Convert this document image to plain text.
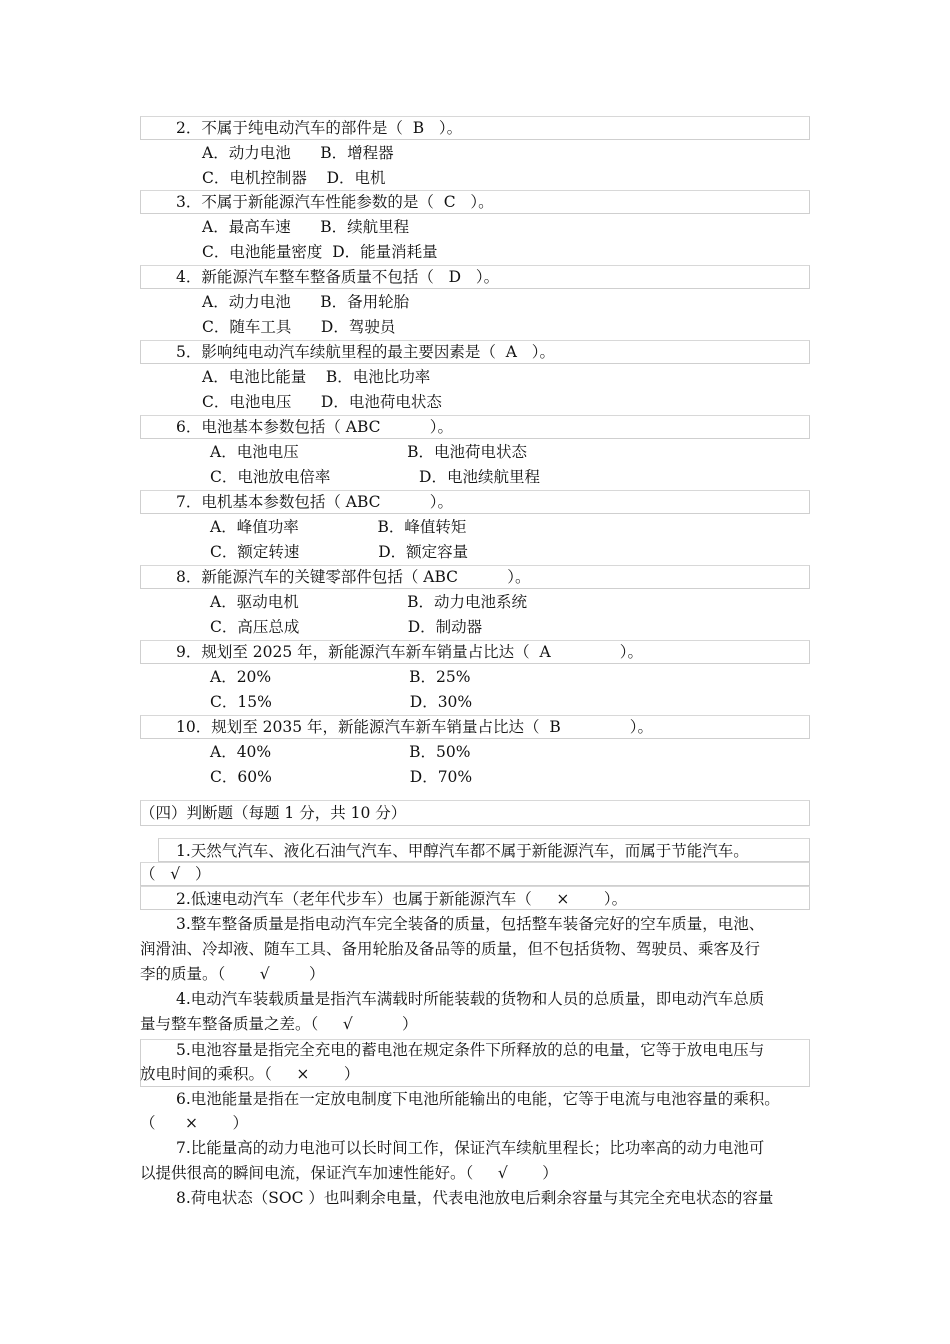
2．不属于纯电动汽车的部件是（  B   ）。
A．动力电池      B．增程器
C．电机控制器    D．电机
3．不属于新能源汽车性能参数的是（  C   ）。
A．最高车速      B．续航里程
C．电池能量密度  D．能量消耗量
4．新能源汽车整车整备质量不包括（   D   ）。
A．动力电池      B．备用轮胎
C．随车工具      D．驾驶员
5．影响纯电动汽车续航里程的最主要因素是（  A   ）。
A．电池比能量    B．电池比功率
C．电池电压      D．电池荷电状态
6．电池基本参数包括（ ABC          ）。
A．电池电压                      B．电池荷电状态
C．电池放电倍率                  D．电池续航里程
7．电机基本参数包括（ ABC          ）。
A．峰值功率                B．峰值转矩
C．额定转速                D．额定容量
8．新能源汽车的关键零部件包括（ ABC          ）。
A．驱动电机                      B．动力电池系统
C．高压总成                      D．制动器
9．规划至 2025 年，新能源汽车新车销量占比达（  A              ）。
A．20%                            B．25%
C．15%                            D．30%
10．规划至 2035 年，新能源汽车新车销量占比达（  B              ）。
A．40%                            B．50%
C．60%                            D．70%
（四）判断题（每题 1 分，共 10 分）
1.天然气汽车、液化石油气汽车、甲醇汽车都不属于新能源汽车，而属于节能汽车。
（   √   ）
2.低速电动汽车（老年代步车）也属于新能源汽车（     ×       ）。
3.整车整备质量是指电动汽车完全装备的质量，包括整车装备完好的空车质量，电池、
润滑油、冷却液、随车工具、备用轮胎及备品等的质量，但不包括货物、驾驶员、乘客及行
李的质量。（       √        ）
4.电动汽车装载质量是指汽车满载时所能装载的货物和人员的总质量，即电动汽车总质
量与整车整备质量之差。（     √          ）
5.电池容量是指完全充电的蓄电池在规定条件下所释放的总的电量，它等于放电电压与
放电时间的乘积。（     ×       ）
6.电池能量是指在一定放电制度下电池所能输出的电能，它等于电流与电池容量的乘积。
（      ×       ）
7.比能量高的动力电池可以长时间工作，保证汽车续航里程长；比功率高的动力电池可
以提供很高的瞬间电流，保证汽车加速性能好。（     √       ）
8.荷电状态（SOC ）也叫剩余电量，代表电池放电后剩余容量与其完全充电状态的容量
